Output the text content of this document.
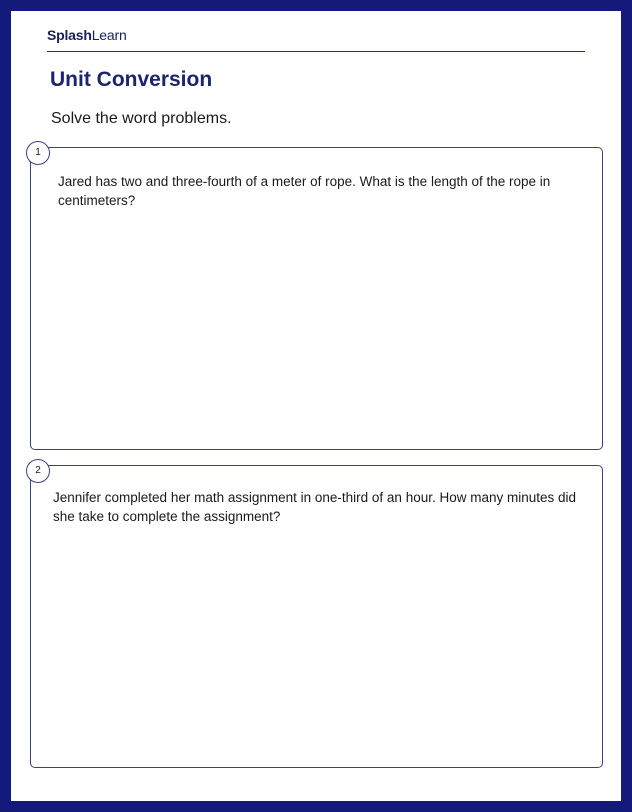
SplashLearn
Unit Conversion
Solve the word problems.
Jared has two and three-fourth of a meter of rope. What is the length of the rope in centimeters?
1
Jennifer completed her math assignment in one-third of an hour. How many minutes did she take to complete the assignment?
2
